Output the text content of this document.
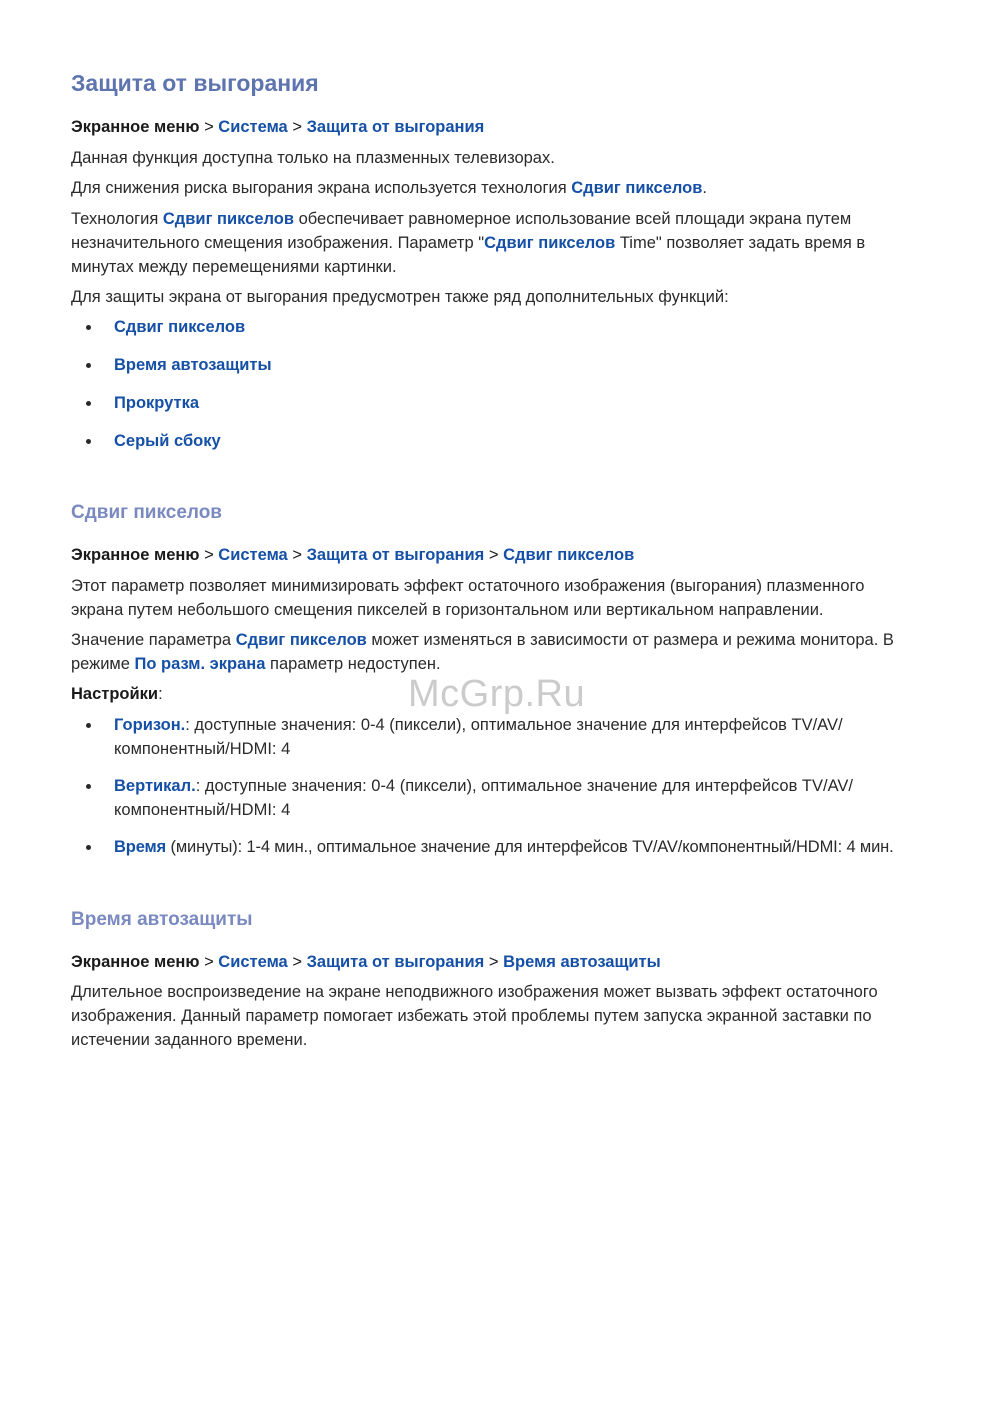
Защита от выгорания

Экранное меню > Система > Защита от выгорания

Данная функция доступна только на плазменных телевизорах.

Для снижения риска выгорания экрана используется технология Сдвиг пикселов.

Технология Сдвиг пикселов обеспечивает равномерное использование всей площади экрана путем
незначительного смещения изображения. Параметр "Сдвиг пикселов Time" позволяет задать время в
минутах между перемещениями картинки.

Для защиты экрана от выгорания предусмотрен также ряд дополнительных функций:

Сдвиг пикселов

Время автозащиты

Прокрутка

Серый сбоку

Сдвиг пикселов

Экранное меню > Система > Защита от выгорания > Сдвиг пикселов

Этот параметр позволяет минимизировать эффект остаточного изображения (выгорания) плазменного
экрана путем небольшого смещения пикселей в горизонтальном или вертикальном направлении.

Значение параметра Сдвиг пикселов может изменяться в зависимости от размера и режима монитора. В
режиме По разм. экрана параметр недоступен.

Настройки:

Горизон.: доступные значения: 0-4 (пиксели), оптимальное значение для интерфейсов TV/AV/
компонентный/HDMI: 4

Вертикал.: доступные значения: 0-4 (пиксели), оптимальное значение для интерфейсов TV/AV/
компонентный/HDMI: 4

Время (минуты): 1-4 мин., оптимальное значение для интерфейсов TV/AV/компонентный/HDMI: 4 мин.

Время автозащиты

Экранное меню > Система > Защита от выгорания > Время автозащиты

Длительное воспроизведение на экране неподвижного изображения может вызвать эффект остаточного
изображения. Данный параметр помогает избежать этой проблемы путем запуска экранной заставки по
истечении заданного времени.

McGrp.Ru
